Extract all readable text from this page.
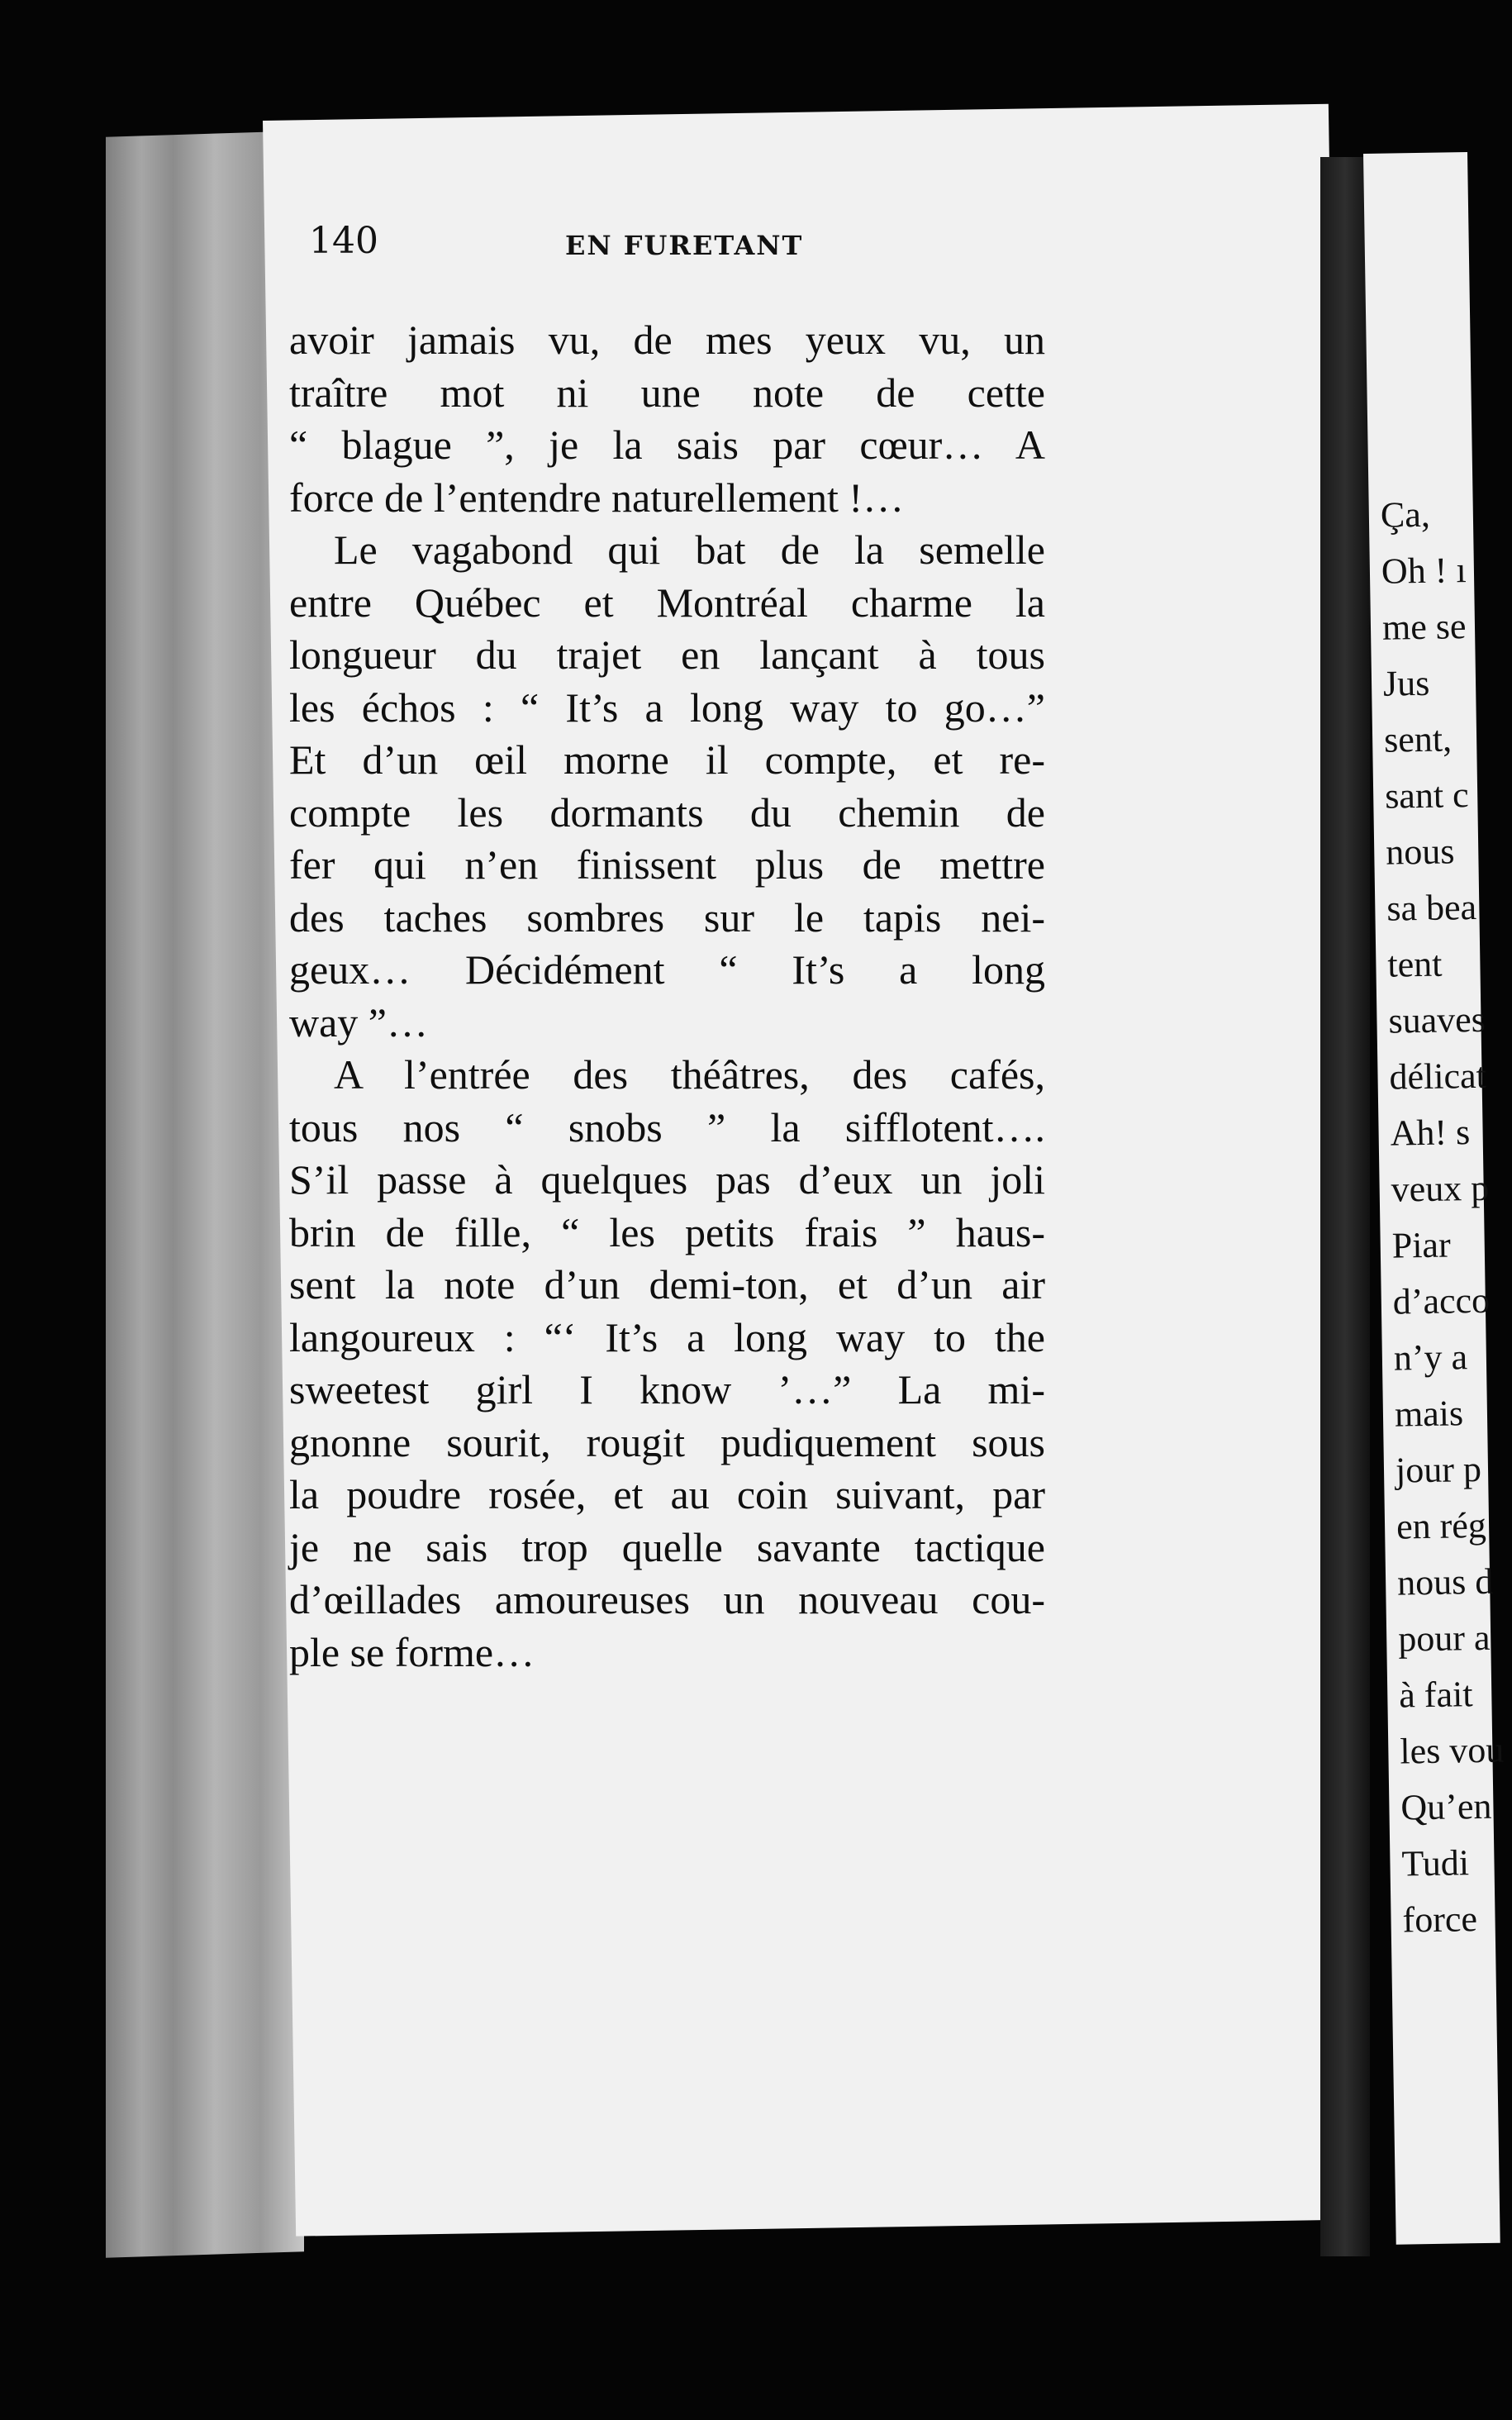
Ça,
Oh ! ı
me se
Jus
sent,
sant c
nous
sa bea
tent
suaves
délicat
Ah! s
veux p
Piar
d’acco
n’y a
mais
jour p
en rég
nous d
pour a
à fait
les vou
Qu’en
Tudi
force
140	EN FURETANT
avoir jamais vu, de mes yeux vu, un
traître mot ni une note de cette
“ blague ”, je la sais par cœur… A
force de l’entendre naturellement !…
Le vagabond qui bat de la semelle
entre Québec et Montréal charme la
longueur du trajet en lançant à tous
les échos : “ It’s a long way to go…”
Et d’un œil morne il compte, et re-
compte les dormants du chemin de
fer qui n’en finissent plus de mettre
des taches sombres sur le tapis nei-
geux… Décidément “ It’s a long
way ”…
A l’entrée des théâtres, des cafés,
tous nos “ snobs ” la sifflotent….
S’il passe à quelques pas d’eux un joli
brin de fille, “ les petits frais ” haus-
sent la note d’un demi-ton, et d’un air
langoureux : “‘ It’s a long way to the
sweetest girl I know ’…” La mi-
gnonne sourit, rougit pudiquement sous
la poudre rosée, et au coin suivant, par
je ne sais trop quelle savante tactique
d’œillades amoureuses un nouveau cou-
ple se forme…
